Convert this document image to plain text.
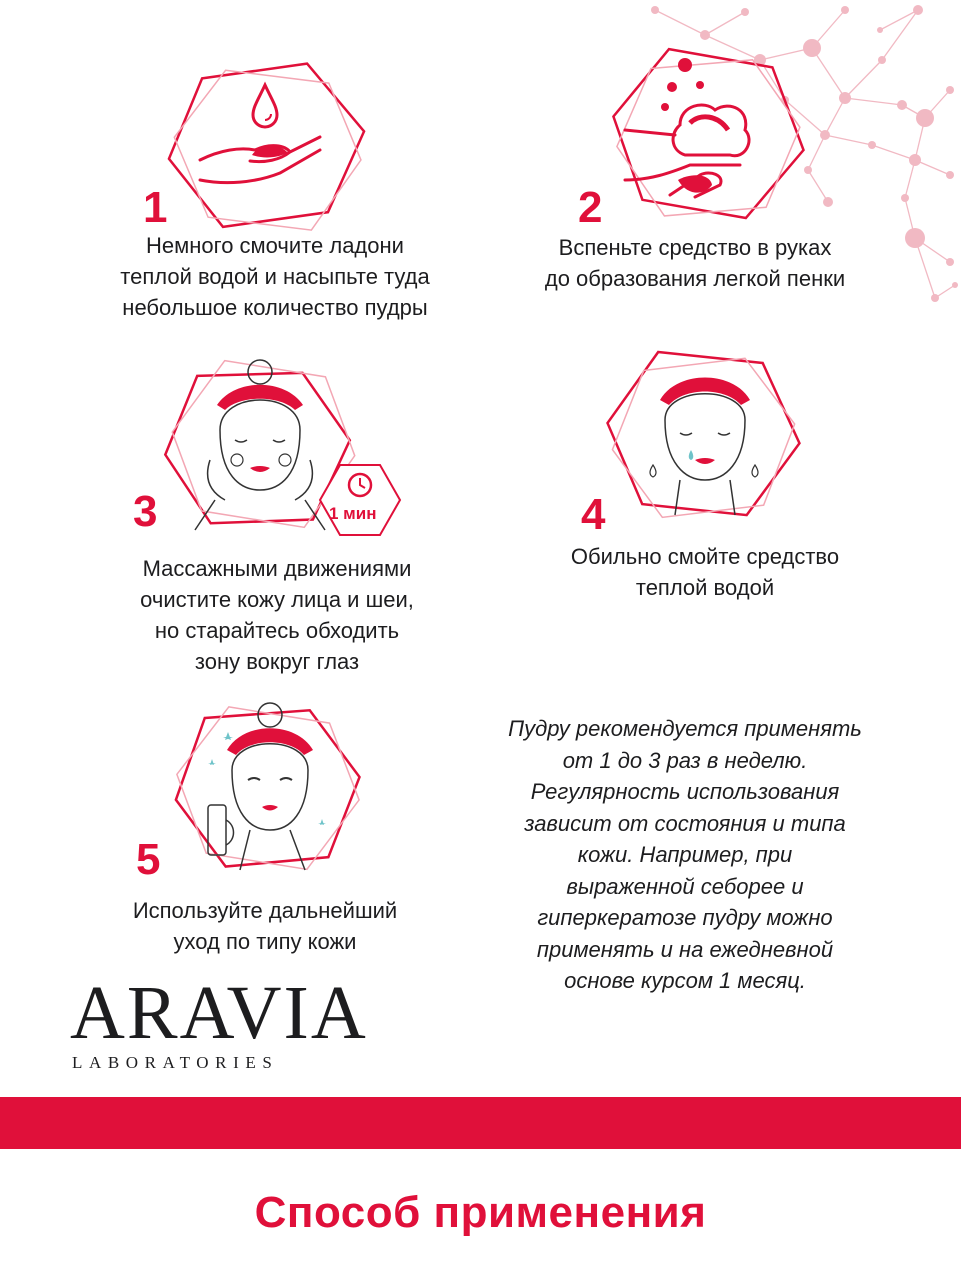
1
Немного смочите ладони
теплой водой и насыпьте туда
небольшое количество пудры
2
Вспеньте средство в руках
до образования легкой пенки
1 мин
3
Массажными движениями
очистите кожу лица и шеи,
но старайтесь обходить
зону вокруг глаз
4
Обильно смойте средство
теплой водой
5
Используйте дальнейший
уход по типу кожи
Пудру рекомендуется применять
от 1 до 3 раз в неделю.
Регулярность использования
зависит от состояния и типа
кожи. Например, при
выраженной себорее и
гиперкератозе пудру можно
применять и на ежедневной
основе курсом 1 месяц.
ARAVIA
LABORATORIES
Способ применения
